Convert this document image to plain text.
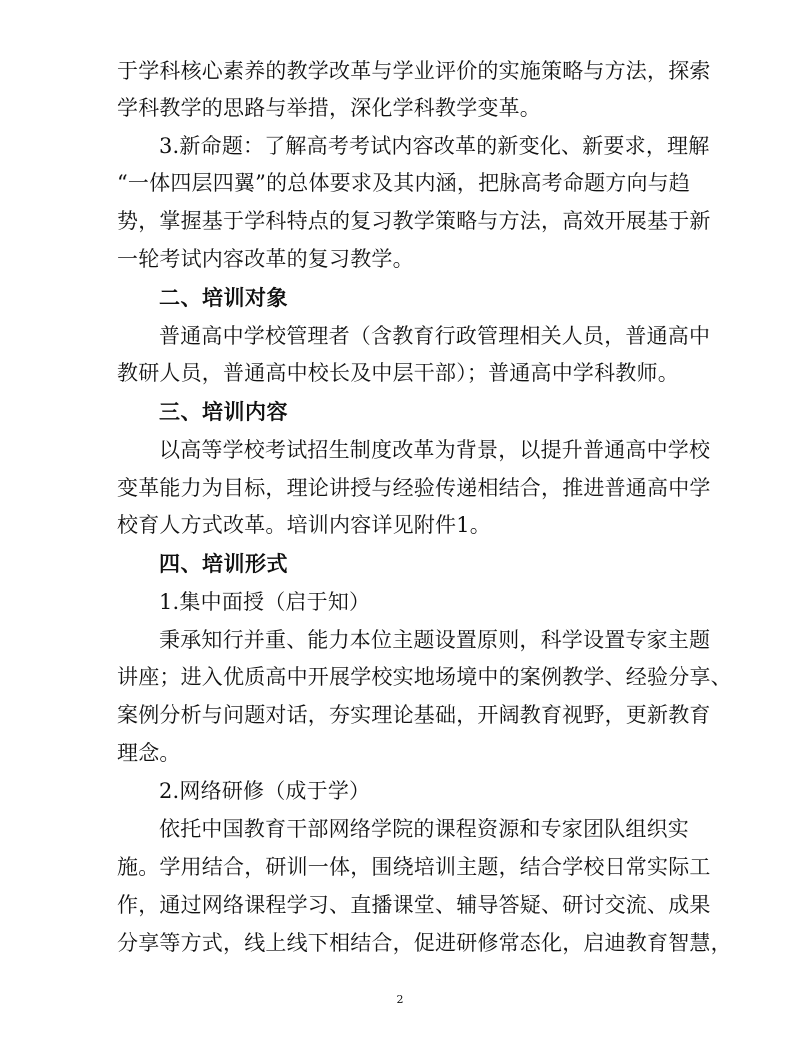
于学科核心素养的教学改革与学业评价的实施策略与方法，探索
学科教学的思路与举措，深化学科教学变革。
3.新命题：了解高考考试内容改革的新变化、新要求，理解
“一体四层四翼”的总体要求及其内涵，把脉高考命题方向与趋
势，掌握基于学科特点的复习教学策略与方法，高效开展基于新
一轮考试内容改革的复习教学。
二、培训对象
普通高中学校管理者（含教育行政管理相关人员，普通高中
教研人员，普通高中校长及中层干部）；普通高中学科教师。
三、培训内容
以高等学校考试招生制度改革为背景，以提升普通高中学校
变革能力为目标，理论讲授与经验传递相结合，推进普通高中学
校育人方式改革。培训内容详见附件1。
四、培训形式
1.集中面授（启于知）
秉承知行并重、能力本位主题设置原则，科学设置专家主题
讲座；进入优质高中开展学校实地场境中的案例教学、经验分享、
案例分析与问题对话，夯实理论基础，开阔教育视野，更新教育
理念。
2.网络研修（成于学）
依托中国教育干部网络学院的课程资源和专家团队组织实
施。学用结合，研训一体，围绕培训主题，结合学校日常实际工
作，通过网络课程学习、直播课堂、辅导答疑、研讨交流、成果
分享等方式，线上线下相结合，促进研修常态化，启迪教育智慧，
2
